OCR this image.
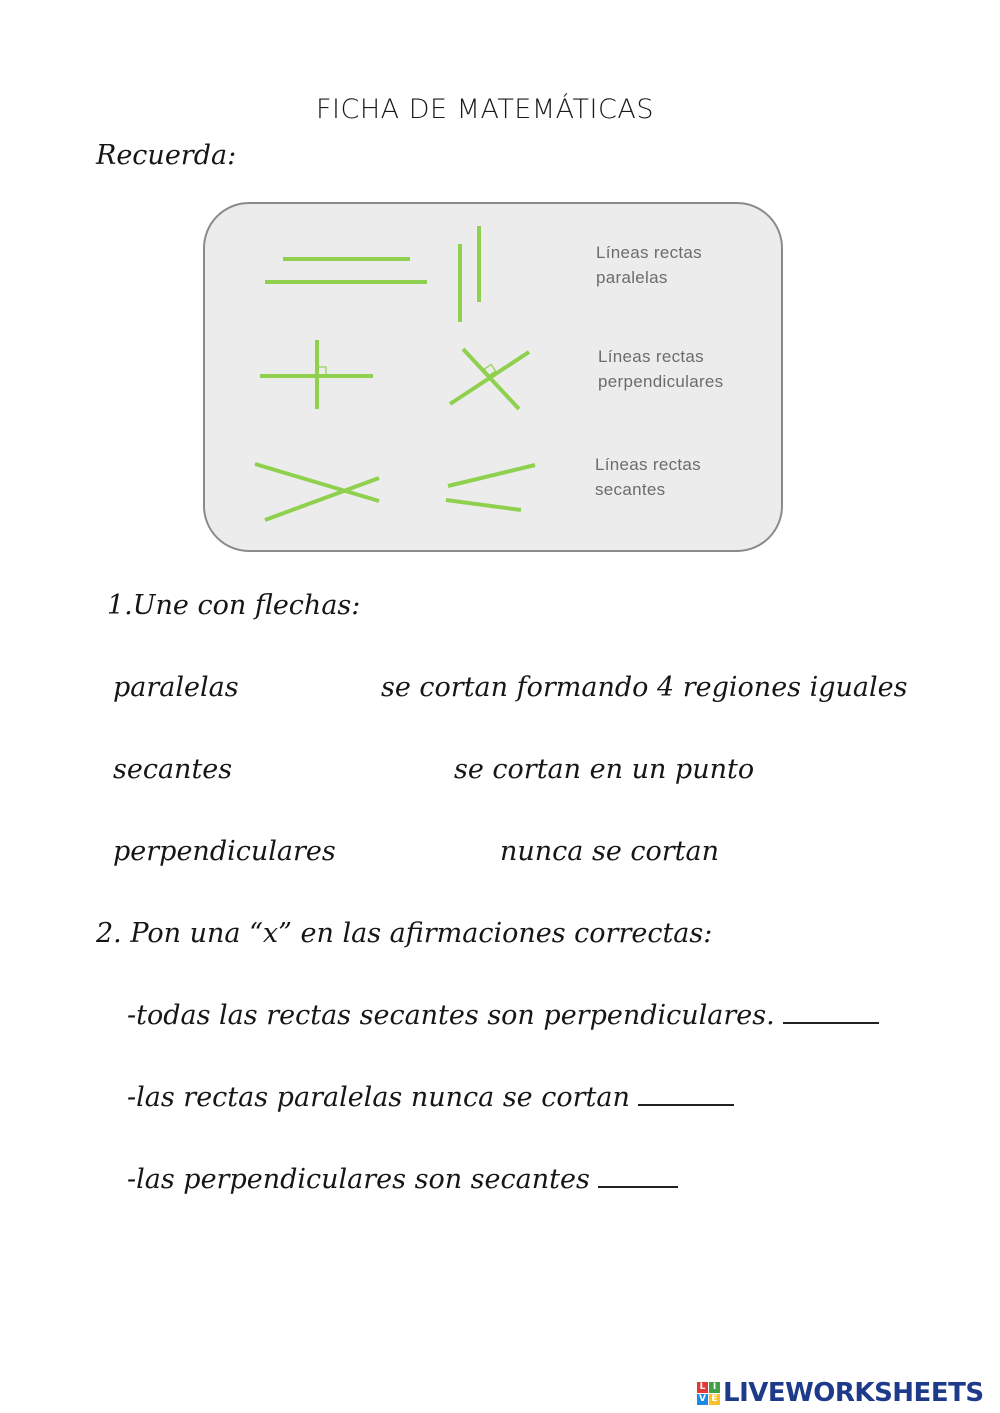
FICHA DE MATEMÁTICAS
Recuerda:
Líneas rectas
paralelas
Líneas rectas
perpendiculares
Líneas rectas
secantes
1.Une con flechas:
paralelas
secantes
perpendiculares
se cortan formando 4 regiones iguales
se cortan en un punto
nunca se cortan
2. Pon una “x” en las afirmaciones correctas:
-todas las rectas secantes son perpendiculares.
-las rectas paralelas nunca se cortan
-las perpendiculares son secantes
L I
V E LIVEWORKSHEETS
